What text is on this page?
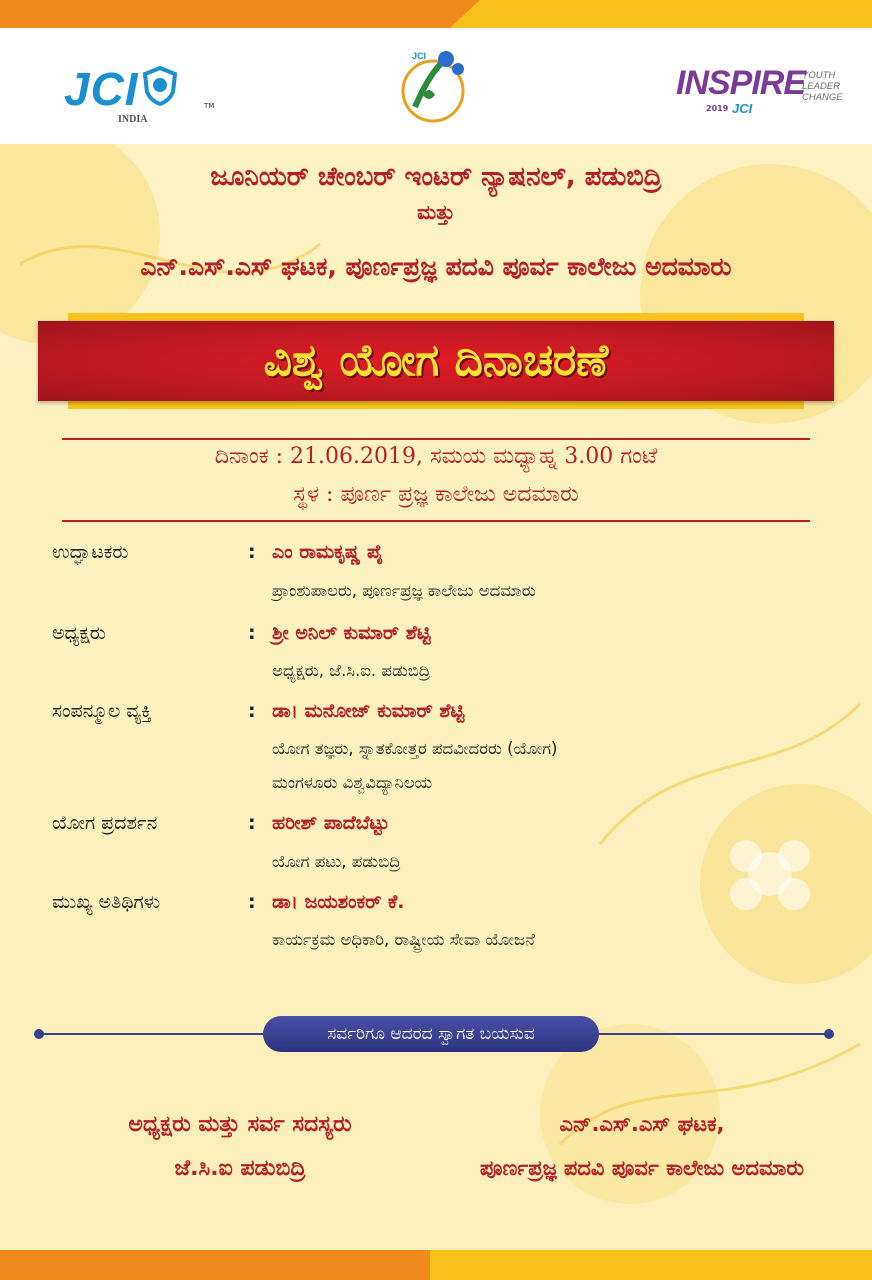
JCI
INDIA
TM
JCI
INSPIRE
YOUTH
LEADER
CHANGE
2019 JCI
ಜೂನಿಯರ್ ಚೇಂಬರ್ ಇಂಟರ್ ನ್ಯಾಷನಲ್, ಪಡುಬಿದ್ರಿ
ಮತ್ತು
ಎನ್.ಎಸ್.ಎಸ್ ಘಟಕ, ಪೂರ್ಣಪ್ರಜ್ಞ ಪದವಿ ಪೂರ್ವ ಕಾಲೇಜು ಅದಮಾರು
ವಿಶ್ವ ಯೋಗ ದಿನಾಚರಣೆ
ದಿನಾಂಕ : 21.06.2019, ಸಮಯ ಮಧ್ಯಾಹ್ನ 3.00 ಗಂಟೆ
ಸ್ಥಳ : ಪೂರ್ಣ ಪ್ರಜ್ಞ ಕಾಲೇಜು ಅದಮಾರು
ಉದ್ಘಾಟಕರು	: ಎಂ ರಾಮಕೃಷ್ಣ ಪೈ
ಪ್ರಾಂಶುಪಾಲರು, ಪೂರ್ಣಪ್ರಜ್ಞ ಕಾಲೇಜು ಅದಮಾರು
ಅಧ್ಯಕ್ಷರು	: ಶ್ರೀ ಅನಿಲ್ ಕುಮಾರ್ ಶೆಟ್ಟಿ
ಅಧ್ಯಕ್ಷರು, ಜೆ.ಸಿ.ಐ. ಪಡುಬಿದ್ರಿ
ಸಂಪನ್ಮೂಲ ವ್ಯಕ್ತಿ	: ಡಾ। ಮನೋಜ್ ಕುಮಾರ್ ಶೆಟ್ಟಿ
ಯೋಗ ತಜ್ಞರು, ಸ್ನಾತಕೋತ್ತರ ಪದವೀದರರು (ಯೋಗ)
ಮಂಗಳೂರು ವಿಶ್ವವಿದ್ಯಾನಿಲಯ
ಯೋಗ ಪ್ರದರ್ಶನ	: ಹರೀಶ್ ಪಾದೆಬೆಟ್ಟು
ಯೋಗ ಪಟು, ಪಡುಬಿದ್ರಿ
ಮುಖ್ಯ ಅತಿಥಿಗಳು	: ಡಾ। ಜಯಶಂಕರ್ ಕೆ.
ಕಾರ್ಯಕ್ರಮ ಅಧಿಕಾರಿ, ರಾಷ್ಟ್ರೀಯ ಸೇವಾ ಯೋಜನೆ
ಸರ್ವರಿಗೂ ಆದರದ ಸ್ವಾಗತ ಬಯಸುವ
ಅಧ್ಯಕ್ಷರು ಮತ್ತು ಸರ್ವ ಸದಸ್ಯರು
ಜೆ.ಸಿ.ಐ ಪಡುಬಿದ್ರಿ
ಎನ್.ಎಸ್.ಎಸ್ ಘಟಕ,
ಪೂರ್ಣಪ್ರಜ್ಞ ಪದವಿ ಪೂರ್ವ ಕಾಲೇಜು ಅದಮಾರು
